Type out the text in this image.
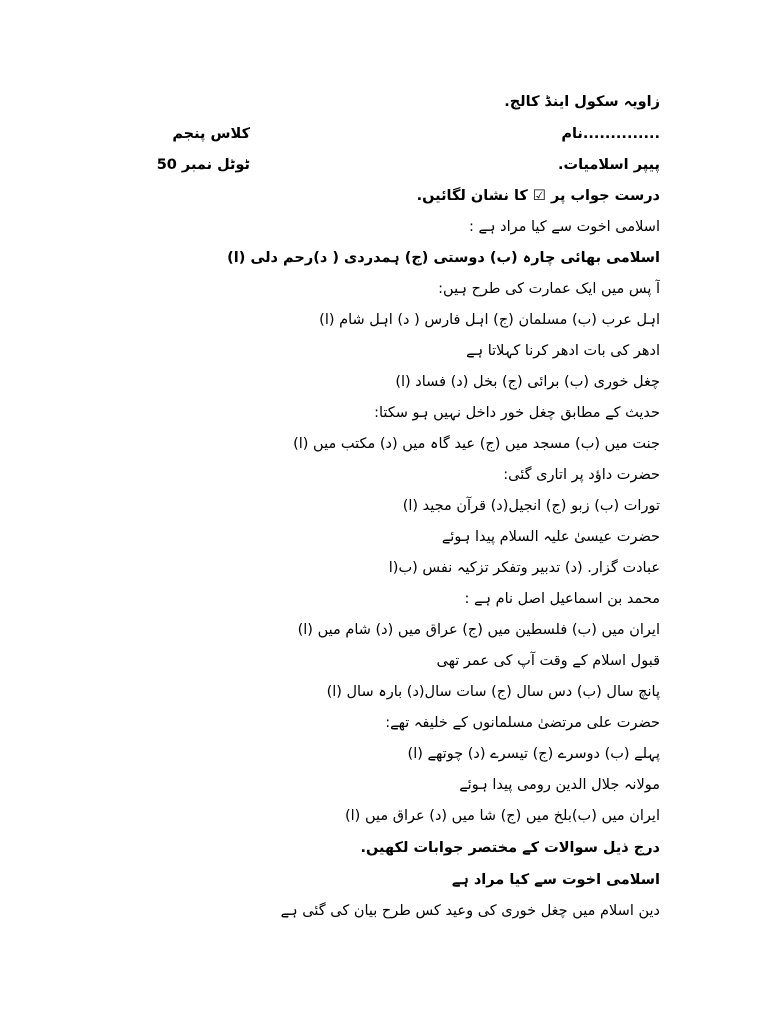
زاویہ سکول اینڈ کالج.
کلاس پنجم	..............نام
ٹوٹل نمبر 50	پیپر اسلامیات.
درست جواب پر ☑ کا نشان لگائیں.
اسلامی اخوت سے کیا مراد ہے :
اسلامی بھائی چارہ (ب) دوستی (ج) ہمدردی ( د)رحم دلی (ا)
آ پس میں ایک عمارت کی طرح ہیں:
اہل عرب (ب) مسلمان (ج) اہل فارس ( د) اہل شام (ا)
ادھر کی بات ادھر کرنا کہلاتا ہے
چغل خوری (ب) برائی (ج) بخل (د) فساد (ا)
حدیث کے مطابق چغل خور داخل نہیں ہو سکتا:
جنت میں (ب) مسجد میں (ج) عید گاہ میں (د) مکتب میں (ا)
حضرت داؤد پر اتاری گئی:
تورات (ب) زبو (ج) انجیل(د) قرآن مجید (ا)
حضرت عیسیٰ علیہ السلام پیدا ہوئے
عبادت گزار. (د) تدبیر وتفکر تزکیہ نفس (ب(ا
محمد بن اسماعیل اصل نام ہے :
ایران میں (ب) فلسطین میں (ج) عراق میں (د) شام میں (ا)
قبول اسلام کے وقت آپ کی عمر تھی
پانچ سال (ب) دس سال (ج) سات سال(د) بارہ سال (ا)
حضرت علی مرتضیٰ مسلمانوں کے خلیفہ تھے:
پہلے (ب) دوسرے (ج) تیسرے (د) چوتھے (ا)
مولانہ جلال الدین رومی پیدا ہوئے
ایران میں (ب)بلخ میں (ج) شا میں (د) عراق میں (ا)
درج ذیل سوالات کے مختصر جوابات لکھیں.
اسلامی اخوت سے کیا مراد ہے
دین اسلام میں چغل خوری کی وعید کس طرح بیان کی گئی ہے
